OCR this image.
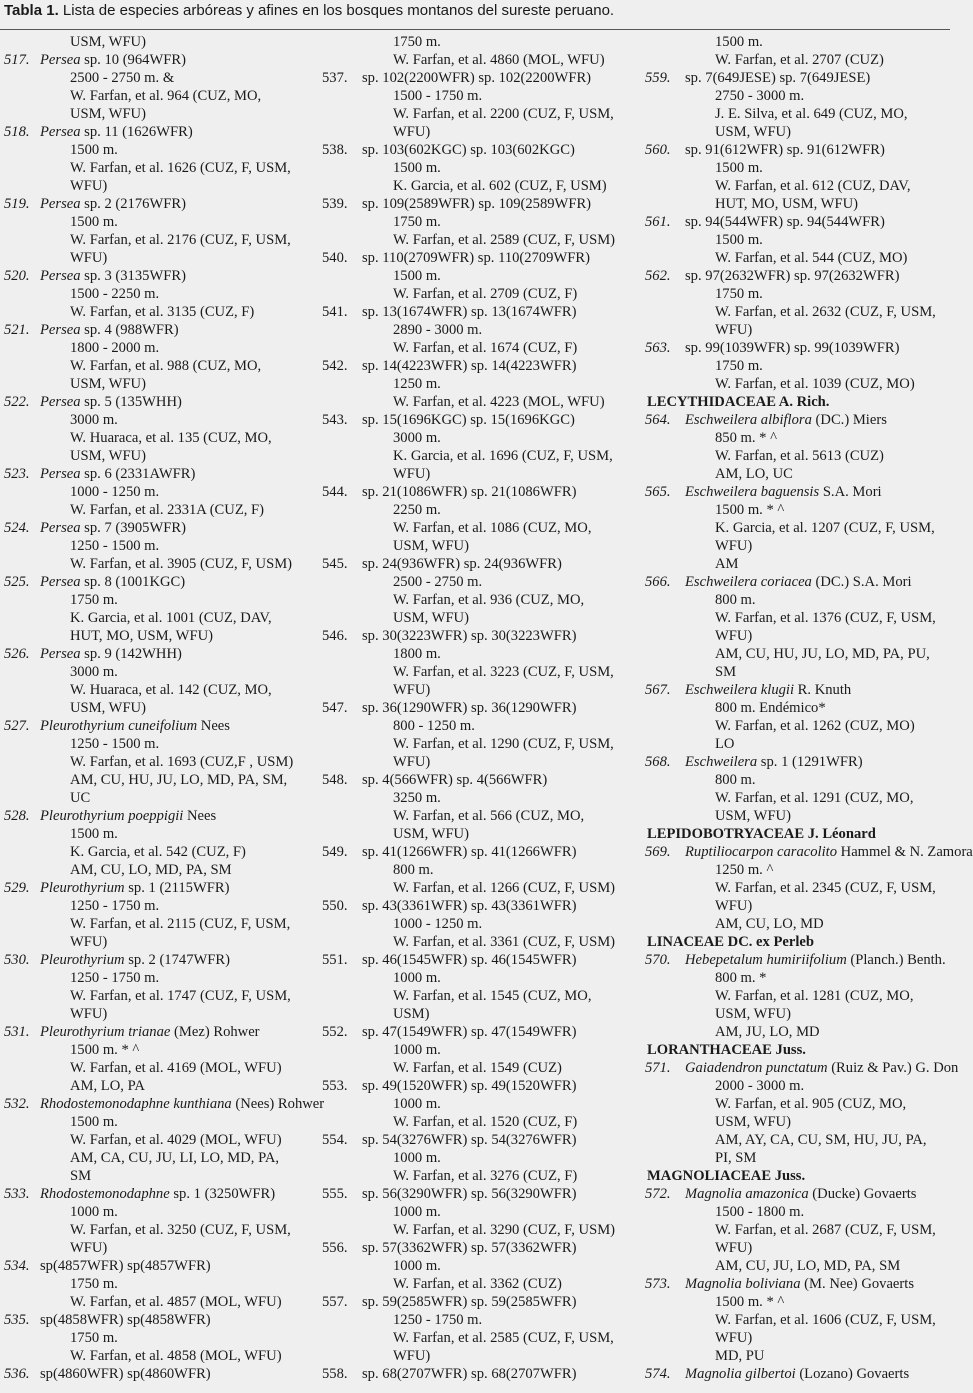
Tabla 1. Lista de especies arbóreas y afines en los bosques montanos del sureste peruano.
USM, WFU)
517. Persea sp. 10 (964WFR)
2500 - 2750 m. &
W. Farfan, et al. 964 (CUZ, MO,
USM, WFU)
518. Persea sp. 11 (1626WFR)
1500 m.
W. Farfan, et al. 1626 (CUZ, F, USM,
WFU)
519. Persea sp. 2 (2176WFR)
1500 m.
W. Farfan, et al. 2176 (CUZ, F, USM,
WFU)
520. Persea sp. 3 (3135WFR)
1500 - 2250 m.
W. Farfan, et al. 3135 (CUZ, F)
521. Persea sp. 4 (988WFR)
1800 - 2000 m.
W. Farfan, et al. 988 (CUZ, MO,
USM, WFU)
522. Persea sp. 5 (135WHH)
3000 m.
W. Huaraca, et al. 135 (CUZ, MO,
USM, WFU)
523. Persea sp. 6 (2331AWFR)
1000 - 1250 m.
W. Farfan, et al. 2331A (CUZ, F)
524. Persea sp. 7 (3905WFR)
1250 - 1500 m.
W. Farfan, et al. 3905 (CUZ, F, USM)
525. Persea sp. 8 (1001KGC)
1750 m.
K. Garcia, et al. 1001 (CUZ, DAV,
HUT, MO, USM, WFU)
526. Persea sp. 9 (142WHH)
3000 m.
W. Huaraca, et al. 142 (CUZ, MO,
USM, WFU)
527. Pleurothyrium cuneifolium Nees
1250 - 1500 m.
W. Farfan, et al. 1693 (CUZ,F , USM)
AM, CU, HU, JU, LO, MD, PA, SM,
UC
528. Pleurothyrium poeppigii Nees
1500 m.
K. Garcia, et al. 542 (CUZ, F)
AM, CU, LO, MD, PA, SM
529. Pleurothyrium sp. 1 (2115WFR)
1250 - 1750 m.
W. Farfan, et al. 2115 (CUZ, F, USM,
WFU)
530. Pleurothyrium sp. 2 (1747WFR)
1250 - 1750 m.
W. Farfan, et al. 1747 (CUZ, F, USM,
WFU)
531. Pleurothyrium trianae (Mez) Rohwer
1500 m. * ^
W. Farfan, et al. 4169 (MOL, WFU)
AM, LO, PA
532. Rhodostemonodaphne kunthiana (Nees) Rohwer
1500 m.
W. Farfan, et al. 4029 (MOL, WFU)
AM, CA, CU, JU, LI, LO, MD, PA,
SM
533. Rhodostemonodaphne sp. 1 (3250WFR)
1000 m.
W. Farfan, et al. 3250 (CUZ, F, USM,
WFU)
534. sp(4857WFR) sp(4857WFR)
1750 m.
W. Farfan, et al. 4857 (MOL, WFU)
535. sp(4858WFR) sp(4858WFR)
1750 m.
W. Farfan, et al. 4858 (MOL, WFU)
536. sp(4860WFR) sp(4860WFR)
1750 m.
W. Farfan, et al. 4860 (MOL, WFU)
537. sp. 102(2200WFR) sp. 102(2200WFR)
1500 - 1750 m.
W. Farfan, et al. 2200 (CUZ, F, USM,
WFU)
538. sp. 103(602KGC) sp. 103(602KGC)
1500 m.
K. Garcia, et al. 602 (CUZ, F, USM)
539. sp. 109(2589WFR) sp. 109(2589WFR)
1750 m.
W. Farfan, et al. 2589 (CUZ, F, USM)
540. sp. 110(2709WFR) sp. 110(2709WFR)
1500 m.
W. Farfan, et al. 2709 (CUZ, F)
541. sp. 13(1674WFR) sp. 13(1674WFR)
2890 - 3000 m.
W. Farfan, et al. 1674 (CUZ, F)
542. sp. 14(4223WFR) sp. 14(4223WFR)
1250 m.
W. Farfan, et al. 4223 (MOL, WFU)
543. sp. 15(1696KGC) sp. 15(1696KGC)
3000 m.
K. Garcia, et al. 1696 (CUZ, F, USM,
WFU)
544. sp. 21(1086WFR) sp. 21(1086WFR)
2250 m.
W. Farfan, et al. 1086 (CUZ, MO,
USM, WFU)
545. sp. 24(936WFR) sp. 24(936WFR)
2500 - 2750 m.
W. Farfan, et al. 936 (CUZ, MO,
USM, WFU)
546. sp. 30(3223WFR) sp. 30(3223WFR)
1800 m.
W. Farfan, et al. 3223 (CUZ, F, USM,
WFU)
547. sp. 36(1290WFR) sp. 36(1290WFR)
800 - 1250 m.
W. Farfan, et al. 1290 (CUZ, F, USM,
WFU)
548. sp. 4(566WFR) sp. 4(566WFR)
3250 m.
W. Farfan, et al. 566 (CUZ, MO,
USM, WFU)
549. sp. 41(1266WFR) sp. 41(1266WFR)
800 m.
W. Farfan, et al. 1266 (CUZ, F, USM)
550. sp. 43(3361WFR) sp. 43(3361WFR)
1000 - 1250 m.
W. Farfan, et al. 3361 (CUZ, F, USM)
551. sp. 46(1545WFR) sp. 46(1545WFR)
1000 m.
W. Farfan, et al. 1545 (CUZ, MO,
USM)
552. sp. 47(1549WFR) sp. 47(1549WFR)
1000 m.
W. Farfan, et al. 1549 (CUZ)
553. sp. 49(1520WFR) sp. 49(1520WFR)
1000 m.
W. Farfan, et al. 1520 (CUZ, F)
554. sp. 54(3276WFR) sp. 54(3276WFR)
1000 m.
W. Farfan, et al. 3276 (CUZ, F)
555. sp. 56(3290WFR) sp. 56(3290WFR)
1000 m.
W. Farfan, et al. 3290 (CUZ, F, USM)
556. sp. 57(3362WFR) sp. 57(3362WFR)
1000 m.
W. Farfan, et al. 3362 (CUZ)
557. sp. 59(2585WFR) sp. 59(2585WFR)
1250 - 1750 m.
W. Farfan, et al. 2585 (CUZ, F, USM,
WFU)
558. sp. 68(2707WFR) sp. 68(2707WFR)
1500 m.
W. Farfan, et al. 2707 (CUZ)
559. sp. 7(649JESE) sp. 7(649JESE)
2750 - 3000 m.
J. E. Silva, et al. 649 (CUZ, MO,
USM, WFU)
560. sp. 91(612WFR) sp. 91(612WFR)
1500 m.
W. Farfan, et al. 612 (CUZ, DAV,
HUT, MO, USM, WFU)
561. sp. 94(544WFR) sp. 94(544WFR)
1500 m.
W. Farfan, et al. 544 (CUZ, MO)
562. sp. 97(2632WFR) sp. 97(2632WFR)
1750 m.
W. Farfan, et al. 2632 (CUZ, F, USM,
WFU)
563. sp. 99(1039WFR) sp. 99(1039WFR)
1750 m.
W. Farfan, et al. 1039 (CUZ, MO)
LECYTHIDACEAE A. Rich.
564. Eschweilera albiflora (DC.) Miers
850 m. * ^
W. Farfan, et al. 5613 (CUZ)
AM, LO, UC
565. Eschweilera baguensis S.A. Mori
1500 m. * ^
K. Garcia, et al. 1207 (CUZ, F, USM,
WFU)
AM
566. Eschweilera coriacea (DC.) S.A. Mori
800 m.
W. Farfan, et al. 1376 (CUZ, F, USM,
WFU)
AM, CU, HU, JU, LO, MD, PA, PU,
SM
567. Eschweilera klugii R. Knuth
800 m. Endémico*
W. Farfan, et al. 1262 (CUZ, MO)
LO
568. Eschweilera sp. 1 (1291WFR)
800 m.
W. Farfan, et al. 1291 (CUZ, MO,
USM, WFU)
LEPIDOBOTRYACEAE J. Léonard
569. Ruptiliocarpon caracolito Hammel & N. Zamora
1250 m. ^
W. Farfan, et al. 2345 (CUZ, F, USM,
WFU)
AM, CU, LO, MD
LINACEAE DC. ex Perleb
570. Hebepetalum humiriifolium (Planch.) Benth.
800 m. *
W. Farfan, et al. 1281 (CUZ, MO,
USM, WFU)
AM, JU, LO, MD
LORANTHACEAE Juss.
571. Gaiadendron punctatum (Ruiz & Pav.) G. Don
2000 - 3000 m.
W. Farfan, et al. 905 (CUZ, MO,
USM, WFU)
AM, AY, CA, CU, SM, HU, JU, PA,
PI, SM
MAGNOLIACEAE Juss.
572. Magnolia amazonica (Ducke) Govaerts
1500 - 1800 m.
W. Farfan, et al. 2687 (CUZ, F, USM,
WFU)
AM, CU, JU, LO, MD, PA, SM
573. Magnolia boliviana (M. Nee) Govaerts
1500 m. * ^
W. Farfan, et al. 1606 (CUZ, F, USM,
WFU)
MD, PU
574. Magnolia gilbertoi (Lozano) Govaerts
